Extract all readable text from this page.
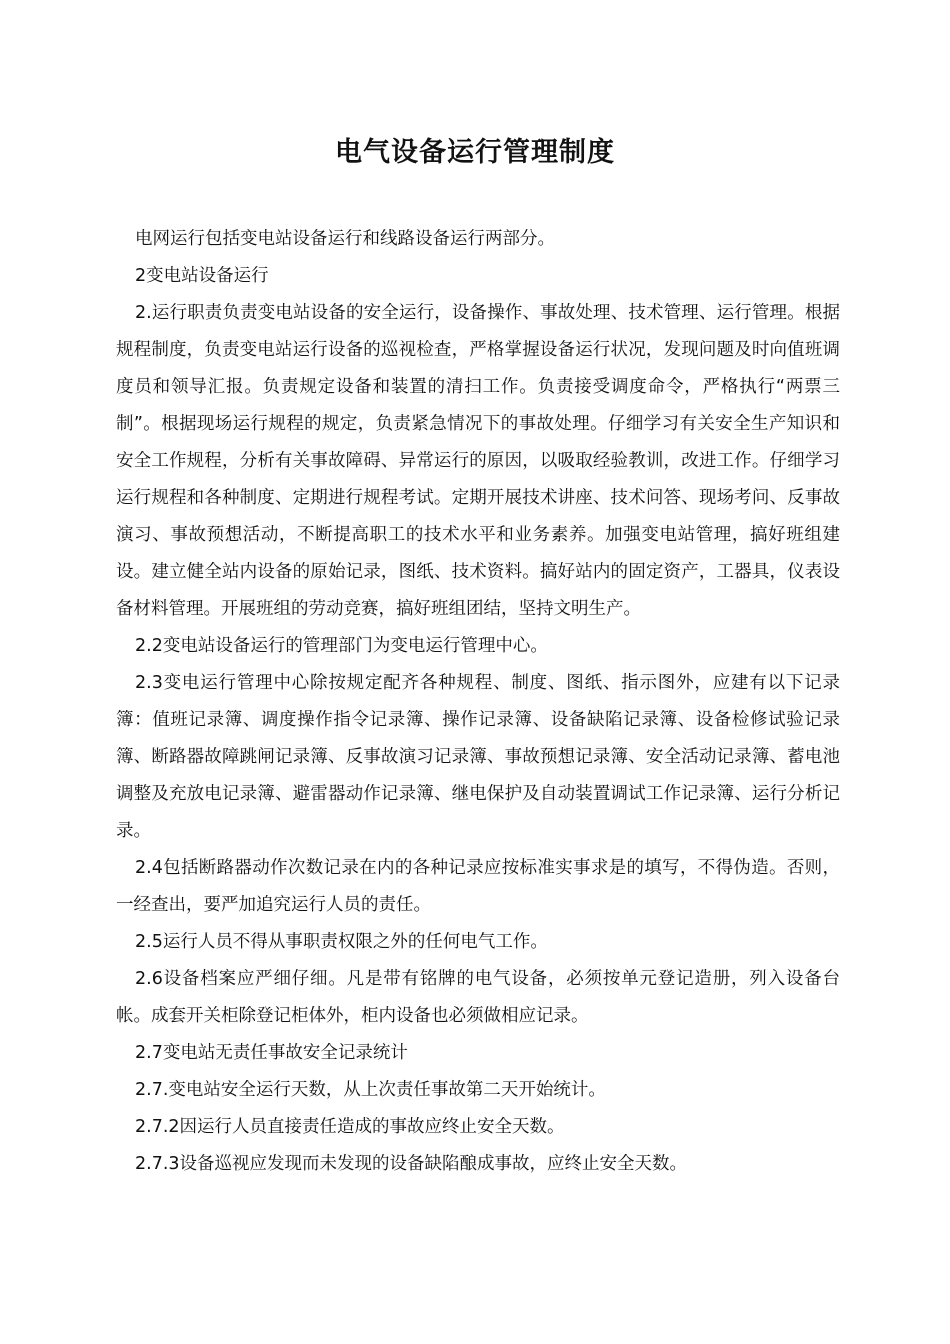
电气设备运行管理制度

电网运行包括变电站设备运行和线路设备运行两部分。

2变电站设备运行

2.运行职责负责变电站设备的安全运行，设备操作、事故处理、技术管理、运行管理。根据规程制度，负责变电站运行设备的巡视检查，严格掌握设备运行状况，发现问题及时向值班调度员和领导汇报。负责规定设备和装置的清扫工作。负责接受调度命令，严格执行“两票三制”。根据现场运行规程的规定，负责紧急情况下的事故处理。仔细学习有关安全生产知识和安全工作规程，分析有关事故障碍、异常运行的原因，以吸取经验教训，改进工作。仔细学习运行规程和各种制度、定期进行规程考试。定期开展技术讲座、技术问答、现场考问、反事故演习、事故预想活动，不断提高职工的技术水平和业务素养。加强变电站管理，搞好班组建设。建立健全站内设备的原始记录，图纸、技术资料。搞好站内的固定资产，工器具，仪表设备材料管理。开展班组的劳动竞赛，搞好班组团结，坚持文明生产。

2.2变电站设备运行的管理部门为变电运行管理中心。

2.3变电运行管理中心除按规定配齐各种规程、制度、图纸、指示图外，应建有以下记录簿：值班记录簿、调度操作指令记录簿、操作记录簿、设备缺陷记录簿、设备检修试验记录簿、断路器故障跳闸记录簿、反事故演习记录簿、事故预想记录簿、安全活动记录簿、蓄电池调整及充放电记录簿、避雷器动作记录簿、继电保护及自动装置调试工作记录簿、运行分析记录。

2.4包括断路器动作次数记录在内的各种记录应按标准实事求是的填写，不得伪造。否则，一经查出，要严加追究运行人员的责任。

2.5运行人员不得从事职责权限之外的任何电气工作。

2.6设备档案应严细仔细。凡是带有铭牌的电气设备，必须按单元登记造册，列入设备台帐。成套开关柜除登记柜体外，柜内设备也必须做相应记录。

2.7变电站无责任事故安全记录统计

2.7.变电站安全运行天数，从上次责任事故第二天开始统计。

2.7.2因运行人员直接责任造成的事故应终止安全天数。

2.7.3设备巡视应发现而未发现的设备缺陷酿成事故，应终止安全天数。
